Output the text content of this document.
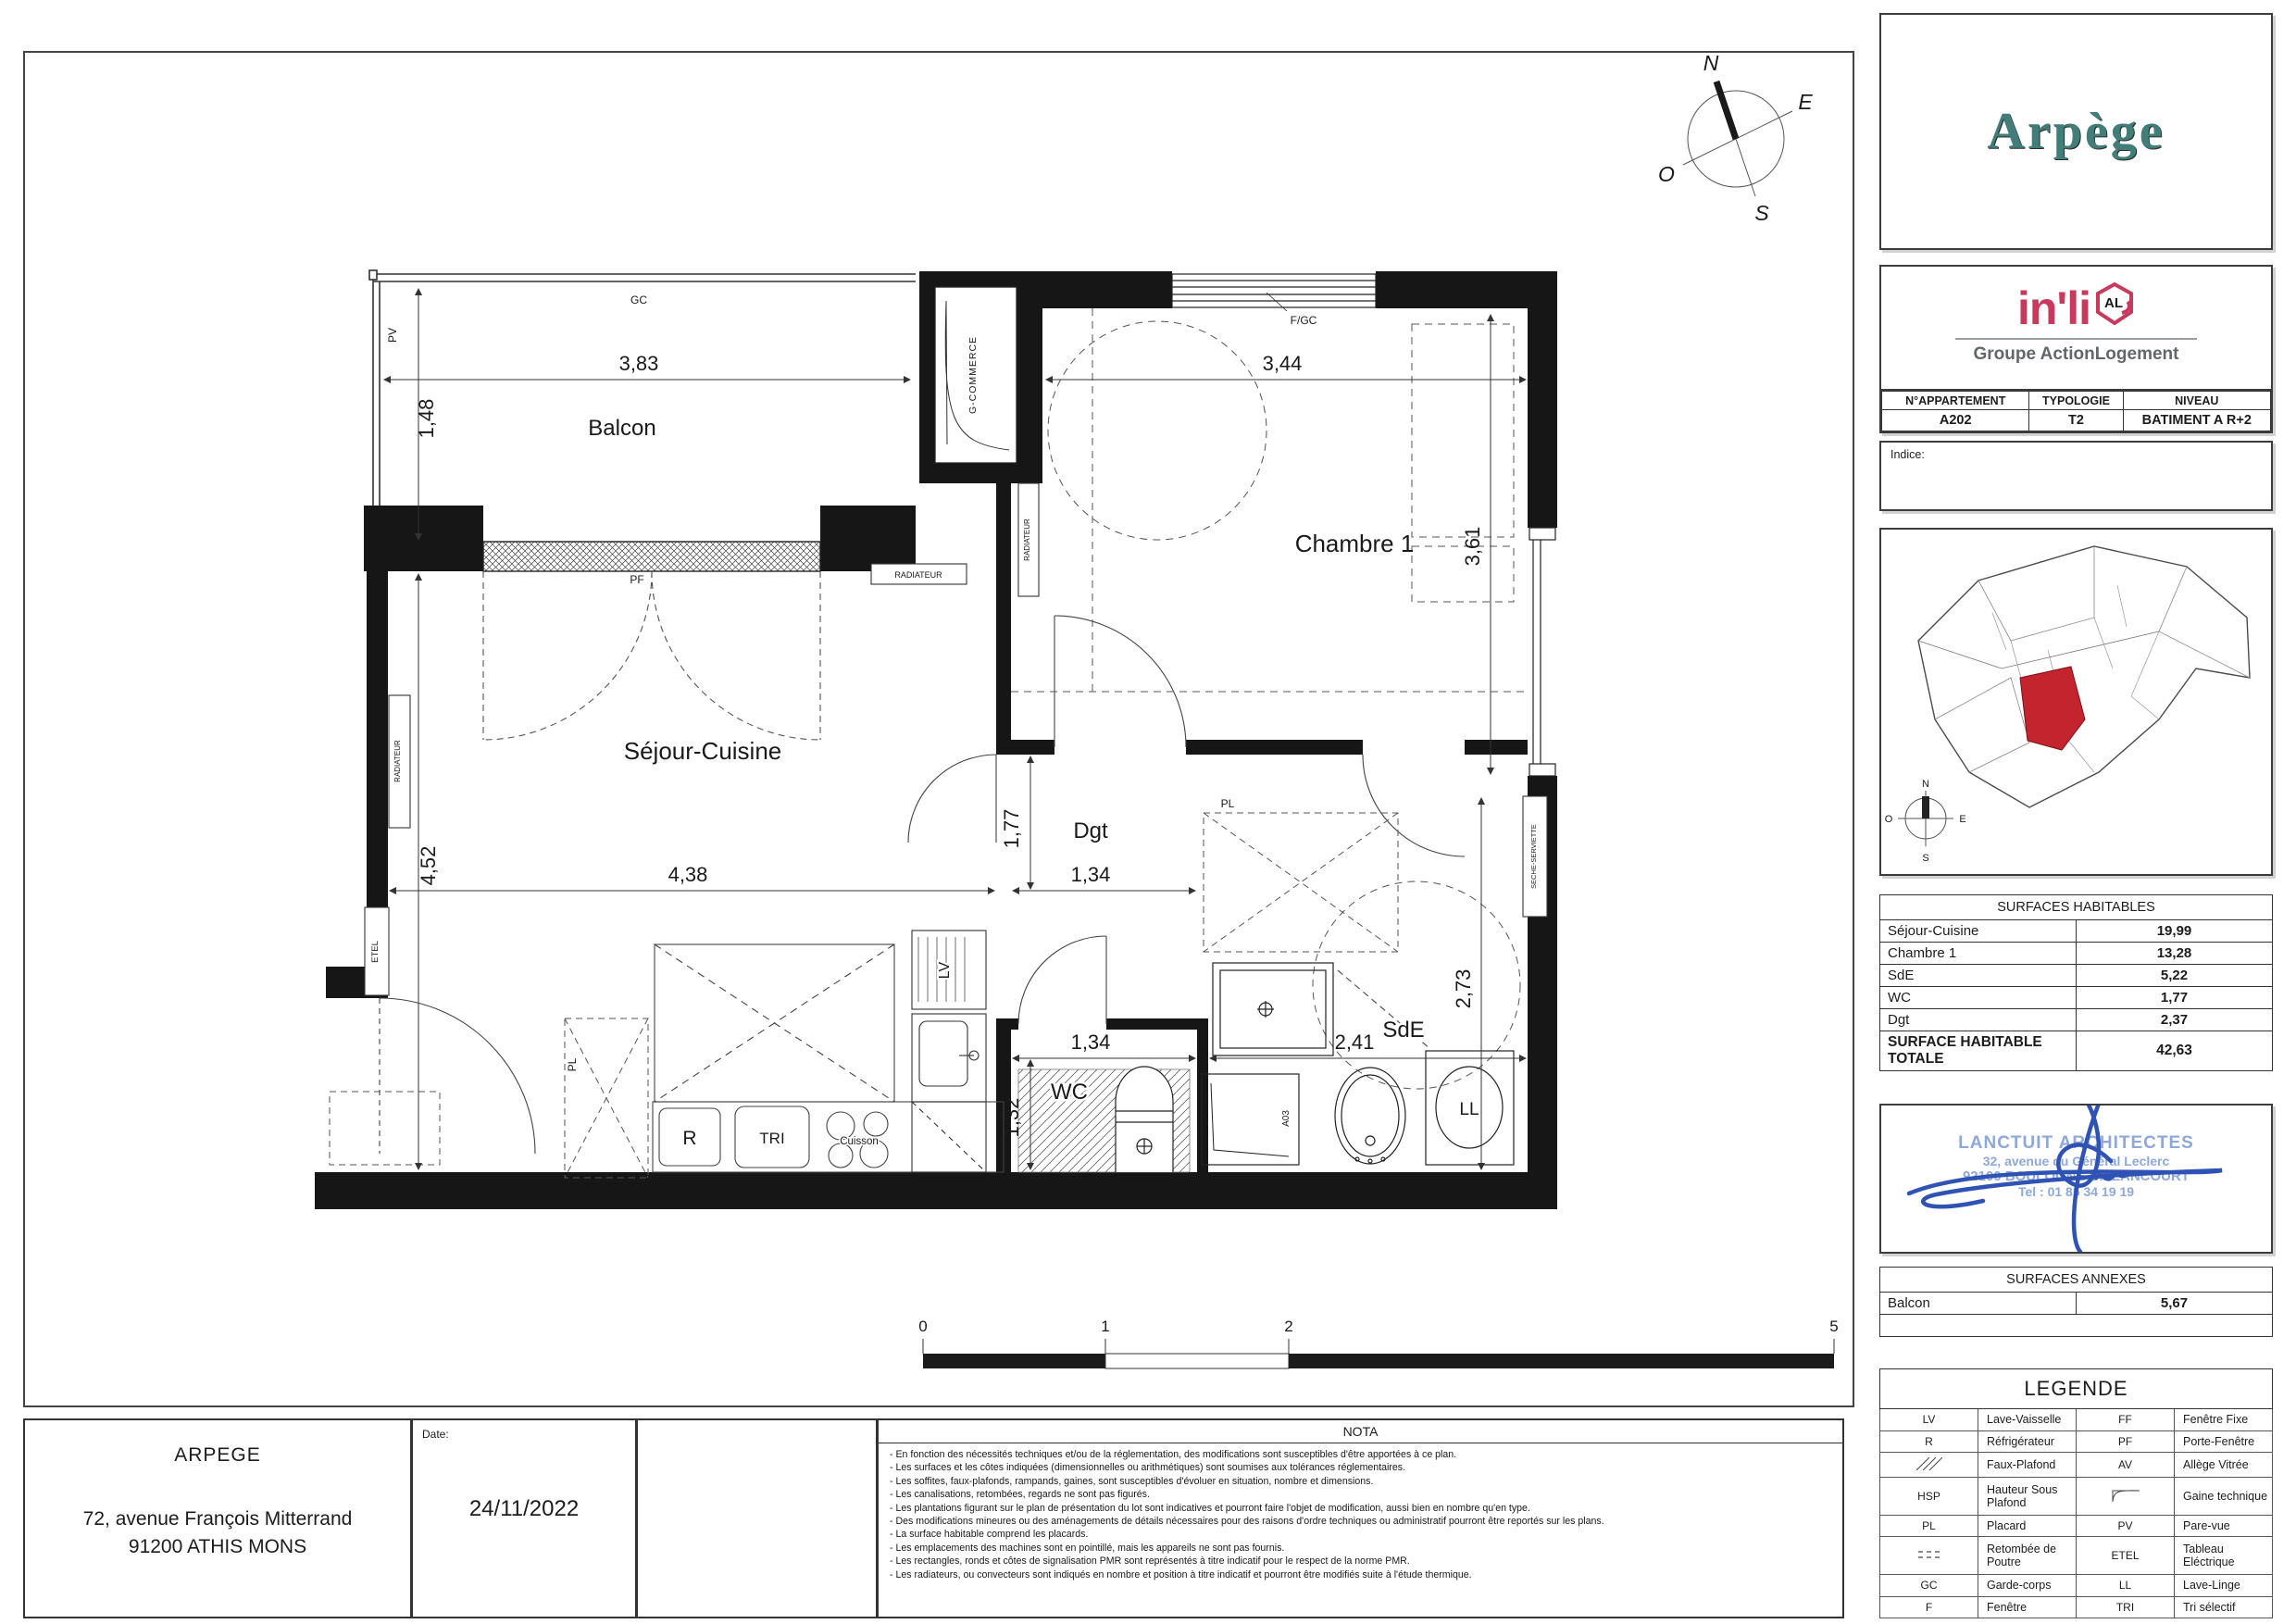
3,83
1,48
3,44
3,61
4,52	4,38
1,77
1,34
1,34	2,41
1,32
2,73
Balcon
Séjour-Cuisine
Chambre 1
Dgt
WC
SdE
GC
PV
PF
F/GC
G-COMMERCE
RADIATEUR
RADIATEUR
RADIATEUR
SECHE-SERVIETTE
ETEL
PL
PL
LV
R	TRI	Cuisson
A03	LL
0	1	2	5
N
E
S
O
Arpège
in'li AL
Groupe ActionLogement
N°APPARTEMENT	TYPOLOGIE	NIVEAU
A202	T2	BATIMENT A R+2
Indice:
N
E
S
O
SURFACES HABITABLES	
Séjour-Cuisine	19,99
Chambre 1	13,28
SdE	5,22
WC	1,77
Dgt	2,37
SURFACE HABITABLE TOTALE	42,63
LANCTUIT ARCHITECTES
32, avenue du Général Leclerc
92100 BOULOGNE BILLANCOURT
Tel : 01 85 34 19 19
SURFACES ANNEXES
Balcon	5,67

LEGENDE			
LV	Lave-Vaisselle	FF	Fenêtre Fixe
R	Réfrigérateur	PF	Porte-Fenêtre
	Faux-Plafond	AV	Allège Vitrée
HSP	Hauteur Sous Plafond		Gaine technique
PL	Placard	PV	Pare-vue
	Retombée de Poutre	ETEL	Tableau Eléctrique
GC	Garde-corps	LL	Lave-Linge
F	Fenêtre	TRI	Tri sélectif
ARPEGE
72, avenue François Mitterrand
91200 ATHIS MONS
Date:
24/11/2022
NOTA
- En fonction des nécessités techniques et/ou de la réglementation, des modifications sont susceptibles d'être apportées à ce plan.
- Les surfaces et les côtes indiquées (dimensionnelles ou arithmétiques) sont soumises aux tolérances réglementaires.
- Les soffites, faux-plafonds, rampands, gaines, sont susceptibles d'évoluer en situation, nombre et dimensions.
- Les canalisations, retombées, regards ne sont pas figurés.
- Les plantations figurant sur le plan de présentation du lot sont indicatives et pourront faire l'objet de modification, aussi bien en nombre qu'en type.
- Des modifications mineures ou des aménagements de détails nécessaires pour des raisons d'ordre techniques ou administratif pourront être reportés sur les plans.
- La surface habitable comprend les placards.
- Les emplacements des machines sont en pointillé, mais les appareils ne sont pas fournis.
- Les rectangles, ronds et côtes de signalisation PMR sont représentés à titre indicatif pour le respect de la norme PMR.
- Les radiateurs, ou convecteurs sont indiqués en nombre et position à titre indicatif et pourront être modifiés suite à l'étude thermique.
